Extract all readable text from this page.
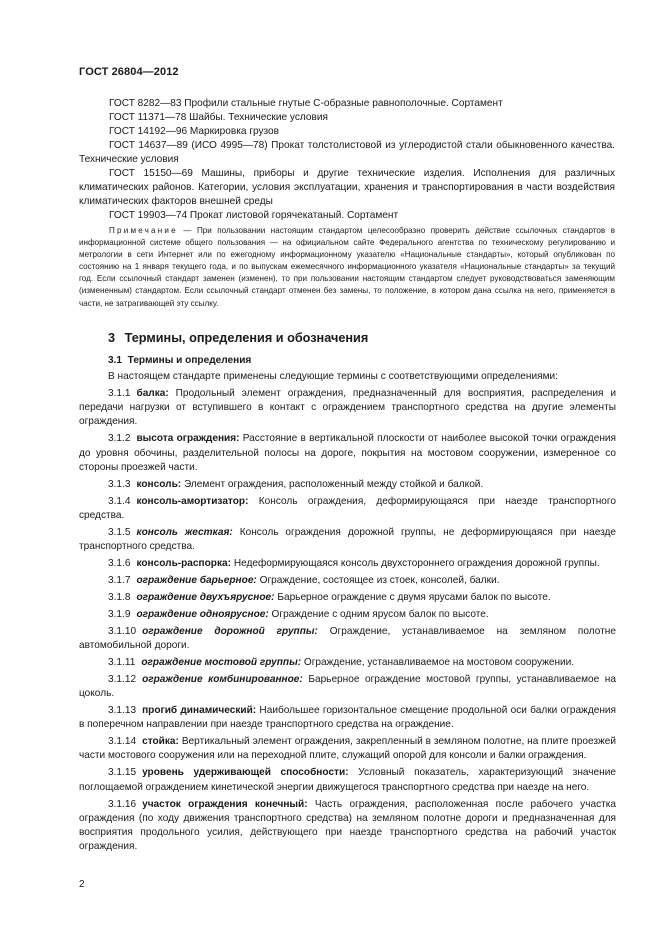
ГОСТ 26804—2012

ГОСТ 8282—83 Профили стальные гнутые С-образные равнополочные. Сортамент

ГОСТ 11371—78 Шайбы. Технические условия

ГОСТ 14192—96 Маркировка грузов

ГОСТ 14637—89 (ИСО 4995—78) Прокат толстолистовой из углеродистой стали обыкновенного качества. Технические условия

ГОСТ 15150—69 Машины, приборы и другие технические изделия. Исполнения для различных климатических районов. Категории, условия эксплуатации, хранения и транспортирования в части воздействия климатических факторов внешней среды

ГОСТ 19903—74 Прокат листовой горячекатаный. Сортамент

Примечание — При пользовании настоящим стандартом целесообразно проверить действие ссылочных стандартов в информационной системе общего пользования — на официальном сайте Федерального агентства по техническому регулированию и метрологии в сети Интернет или по ежегодному информационному указателю «Национальные стандарты», который опубликован по состоянию на 1 января текущего года, и по выпускам ежемесячного информационного указателя «Национальные стандарты» за текущий год. Если ссылочный стандарт заменен (изменен), то при пользовании настоящим стандартом следует руководствоваться заменяющим (измененным) стандартом. Если ссылочный стандарт отменен без замены, то положение, в котором дана ссылка на него, применяется в части, не затрагивающей эту ссылку.

3 Термины, определения и обозначения
3.1 Термины и определения

В настоящем стандарте применены следующие термины с соответствующими определениями:

3.1.1 балка: Продольный элемент ограждения, предназначенный для восприятия, распределения и передачи нагрузки от вступившего в контакт с ограждением транспортного средства на другие элементы ограждения.

3.1.2 высота ограждения: Расстояние в вертикальной плоскости от наиболее высокой точки ограждения до уровня обочины, разделительной полосы на дороге, покрытия на мостовом сооружении, измеренное со стороны проезжей части.

3.1.3 консоль: Элемент ограждения, расположенный между стойкой и балкой.

3.1.4 консоль-амортизатор: Консоль ограждения, деформирующаяся при наезде транспортного средства.

3.1.5 консоль жесткая: Консоль ограждения дорожной группы, не деформирующаяся при наезде транспортного средства.

3.1.6 консоль-распорка: Недеформирующаяся консоль двухстороннего ограждения дорожной группы.

3.1.7 ограждение барьерное: Ограждение, состоящее из стоек, консолей, балки.

3.1.8 ограждение двухъярусное: Барьерное ограждение с двумя ярусами балок по высоте.

3.1.9 ограждение одноярусное: Ограждение с одним ярусом балок по высоте.

3.1.10 ограждение дорожной группы: Ограждение, устанавливаемое на земляном полотне автомобильной дороги.

3.1.11 ограждение мостовой группы: Ограждение, устанавливаемое на мостовом сооружении.

3.1.12 ограждение комбинированное: Барьерное ограждение мостовой группы, устанавливаемое на цоколь.

3.1.13 прогиб динамический: Наибольшее горизонтальное смещение продольной оси балки ограждения в поперечном направлении при наезде транспортного средства на ограждение.

3.1.14 стойка: Вертикальный элемент ограждения, закрепленный в земляном полотне, на плите проезжей части мостового сооружения или на переходной плите, служащий опорой для консоли и балки ограждения.

3.1.15 уровень удерживающей способности: Условный показатель, характеризующий значение поглощаемой ограждением кинетической энергии движущегося транспортного средства при наезде на него.

3.1.16 участок ограждения конечный: Часть ограждения, расположенная после рабочего участка ограждения (по ходу движения транспортного средства) на земляном полотне дороги и предназначенная для восприятия продольного усилия, действующего при наезде транспортного средства на рабочий участок ограждения.

2
